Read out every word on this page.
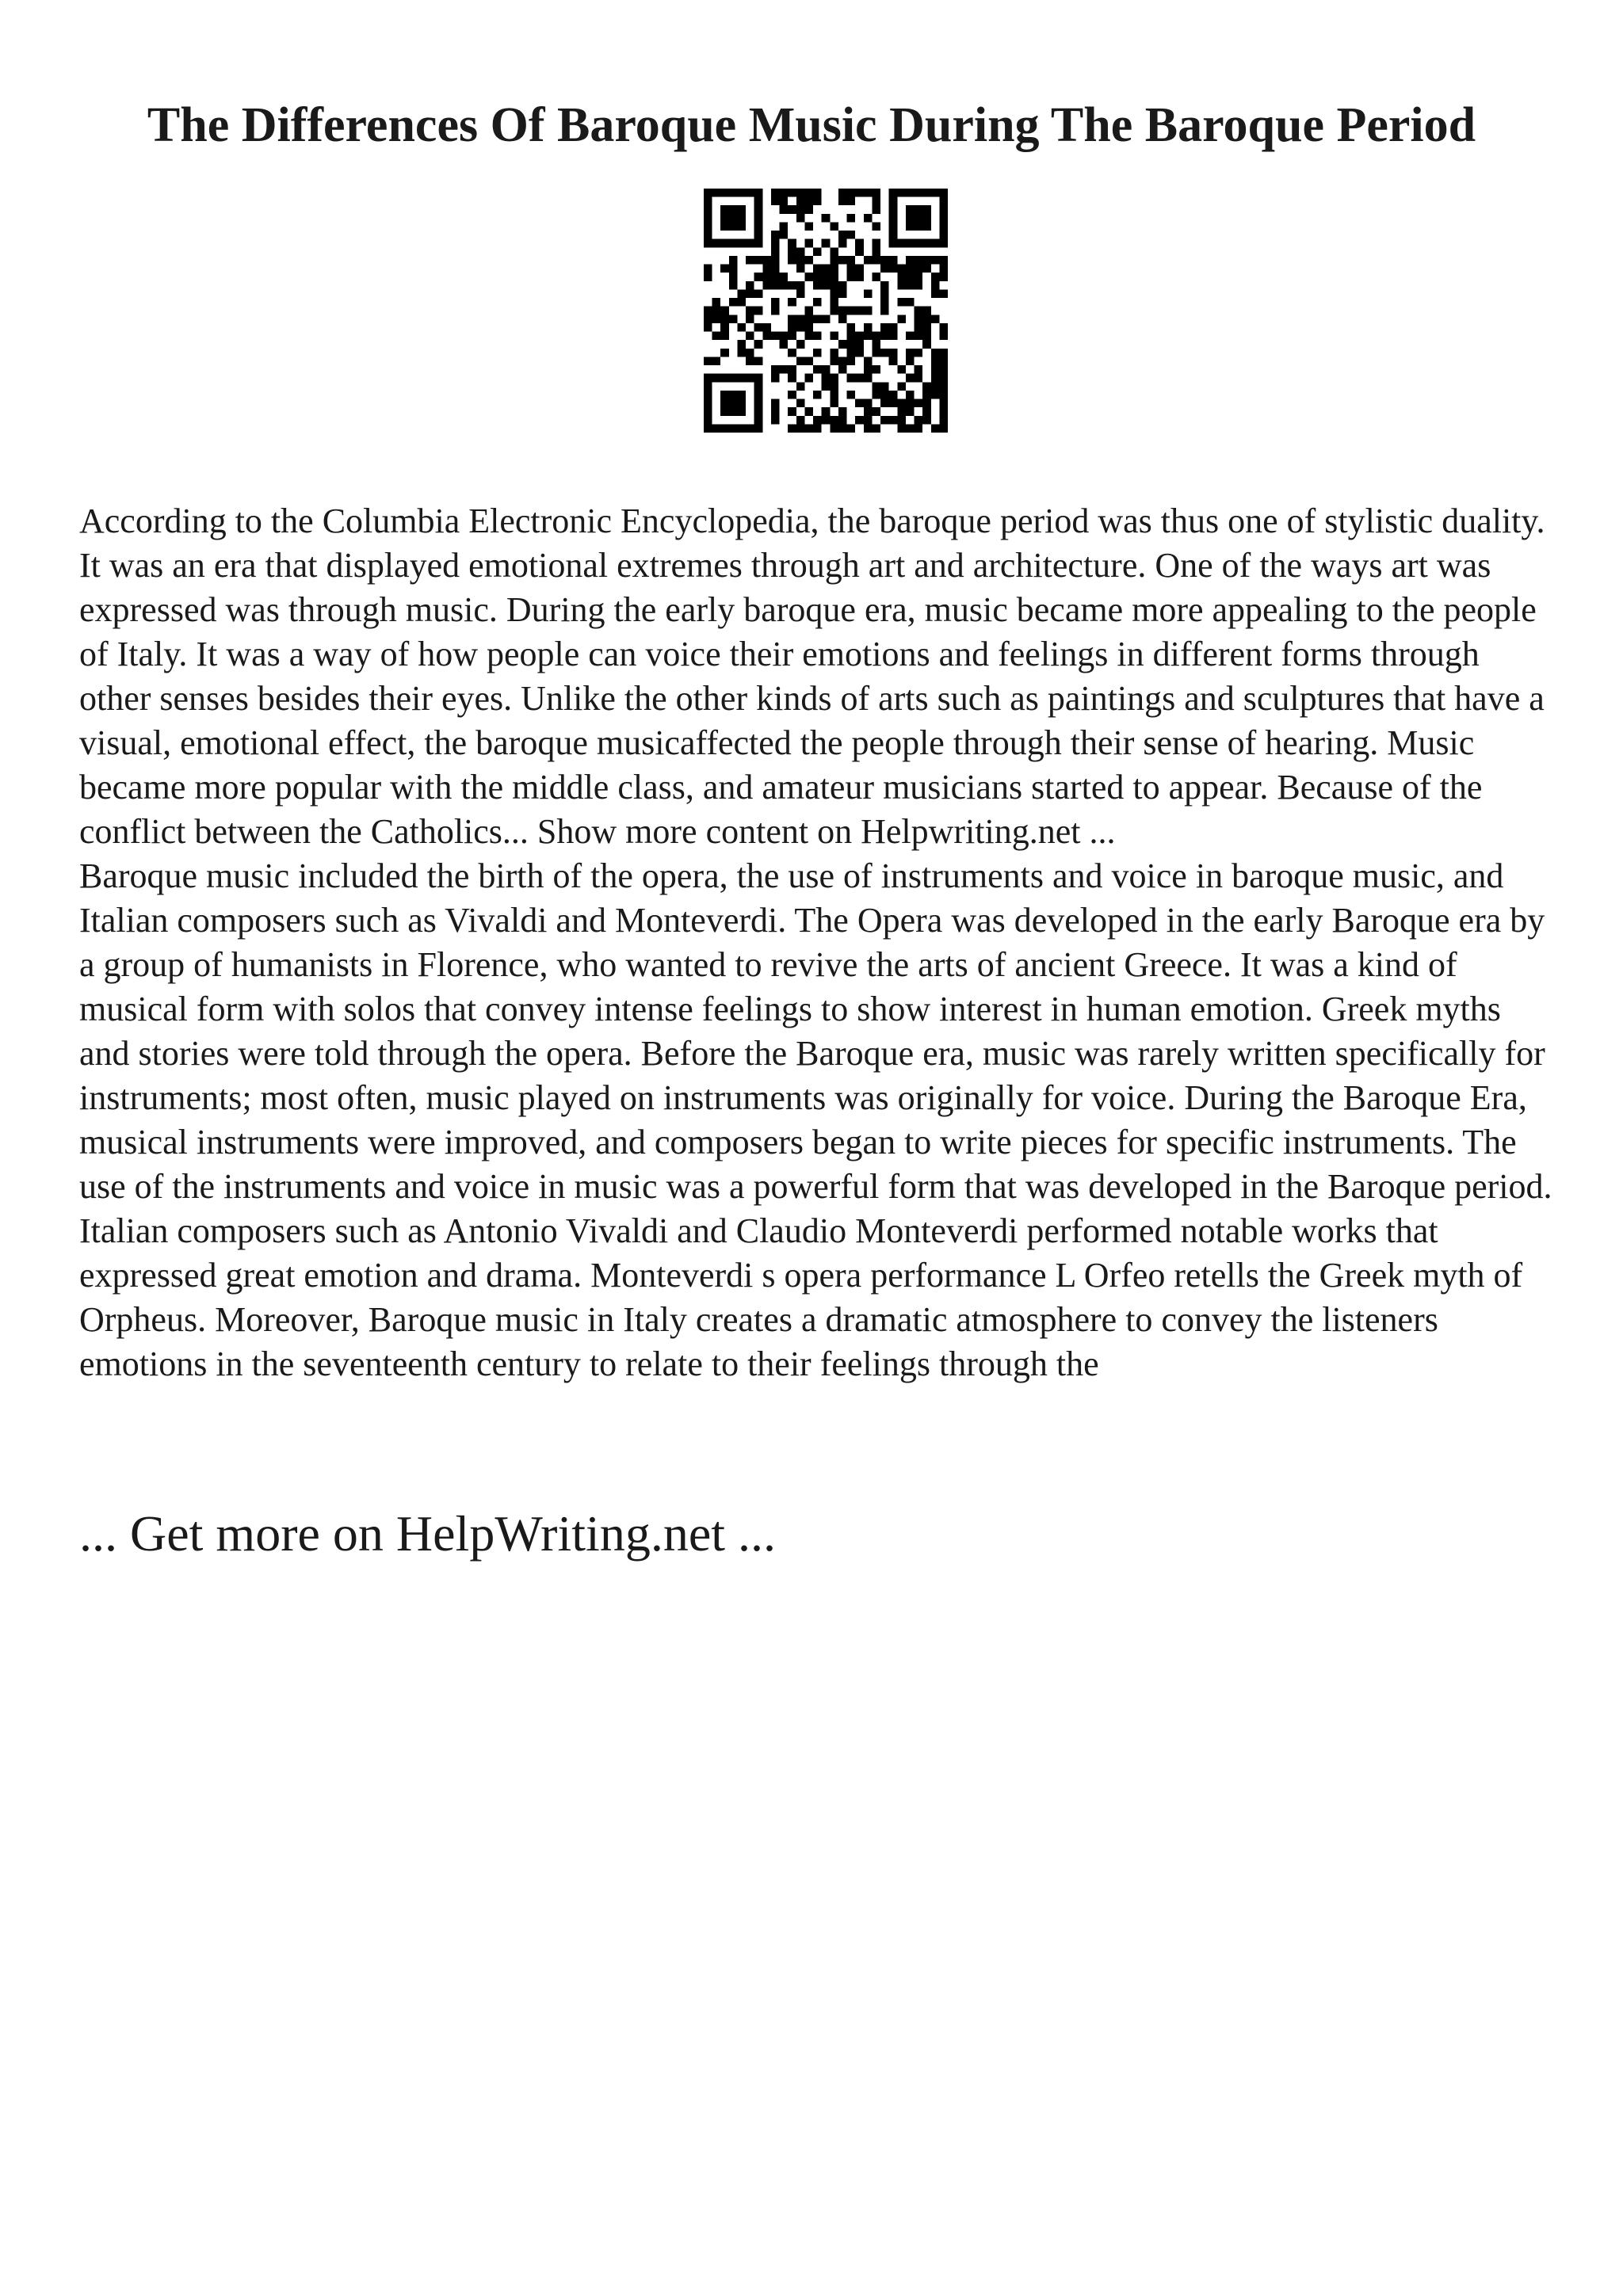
The Differences Of Baroque Music During The Baroque Period

According to the Columbia Electronic Encyclopedia, the baroque period was thus one of stylistic duality. It was an era that displayed emotional extremes through art and architecture. One of the ways art was expressed was through music. During the early baroque era, music became more appealing to the people of Italy. It was a way of how people can voice their emotions and feelings in different forms through other senses besides their eyes. Unlike the other kinds of arts such as paintings and sculptures that have a visual, emotional effect, the baroque musicaffected the people through their sense of hearing. Music became more popular with the middle class, and amateur musicians started to appear. Because of the conflict between the Catholics... Show more content on Helpwriting.net ...

Baroque music included the birth of the opera, the use of instruments and voice in baroque music, and Italian composers such as Vivaldi and Monteverdi. The Opera was developed in the early Baroque era by a group of humanists in Florence, who wanted to revive the arts of ancient Greece. It was a kind of musical form with solos that convey intense feelings to show interest in human emotion. Greek myths and stories were told through the opera. Before the Baroque era, music was rarely written specifically for instruments; most often, music played on instruments was originally for voice. During the Baroque Era, musical instruments were improved, and composers began to write pieces for specific instruments. The use of the instruments and voice in music was a powerful form that was developed in the Baroque period. Italian composers such as Antonio Vivaldi and Claudio Monteverdi performed notable works that expressed great emotion and drama. Monteverdi s opera performance L Orfeo retells the Greek myth of Orpheus. Moreover, Baroque music in Italy creates a dramatic atmosphere to convey the listeners emotions in the seventeenth century to relate to their feelings through the

... Get more on HelpWriting.net ...
